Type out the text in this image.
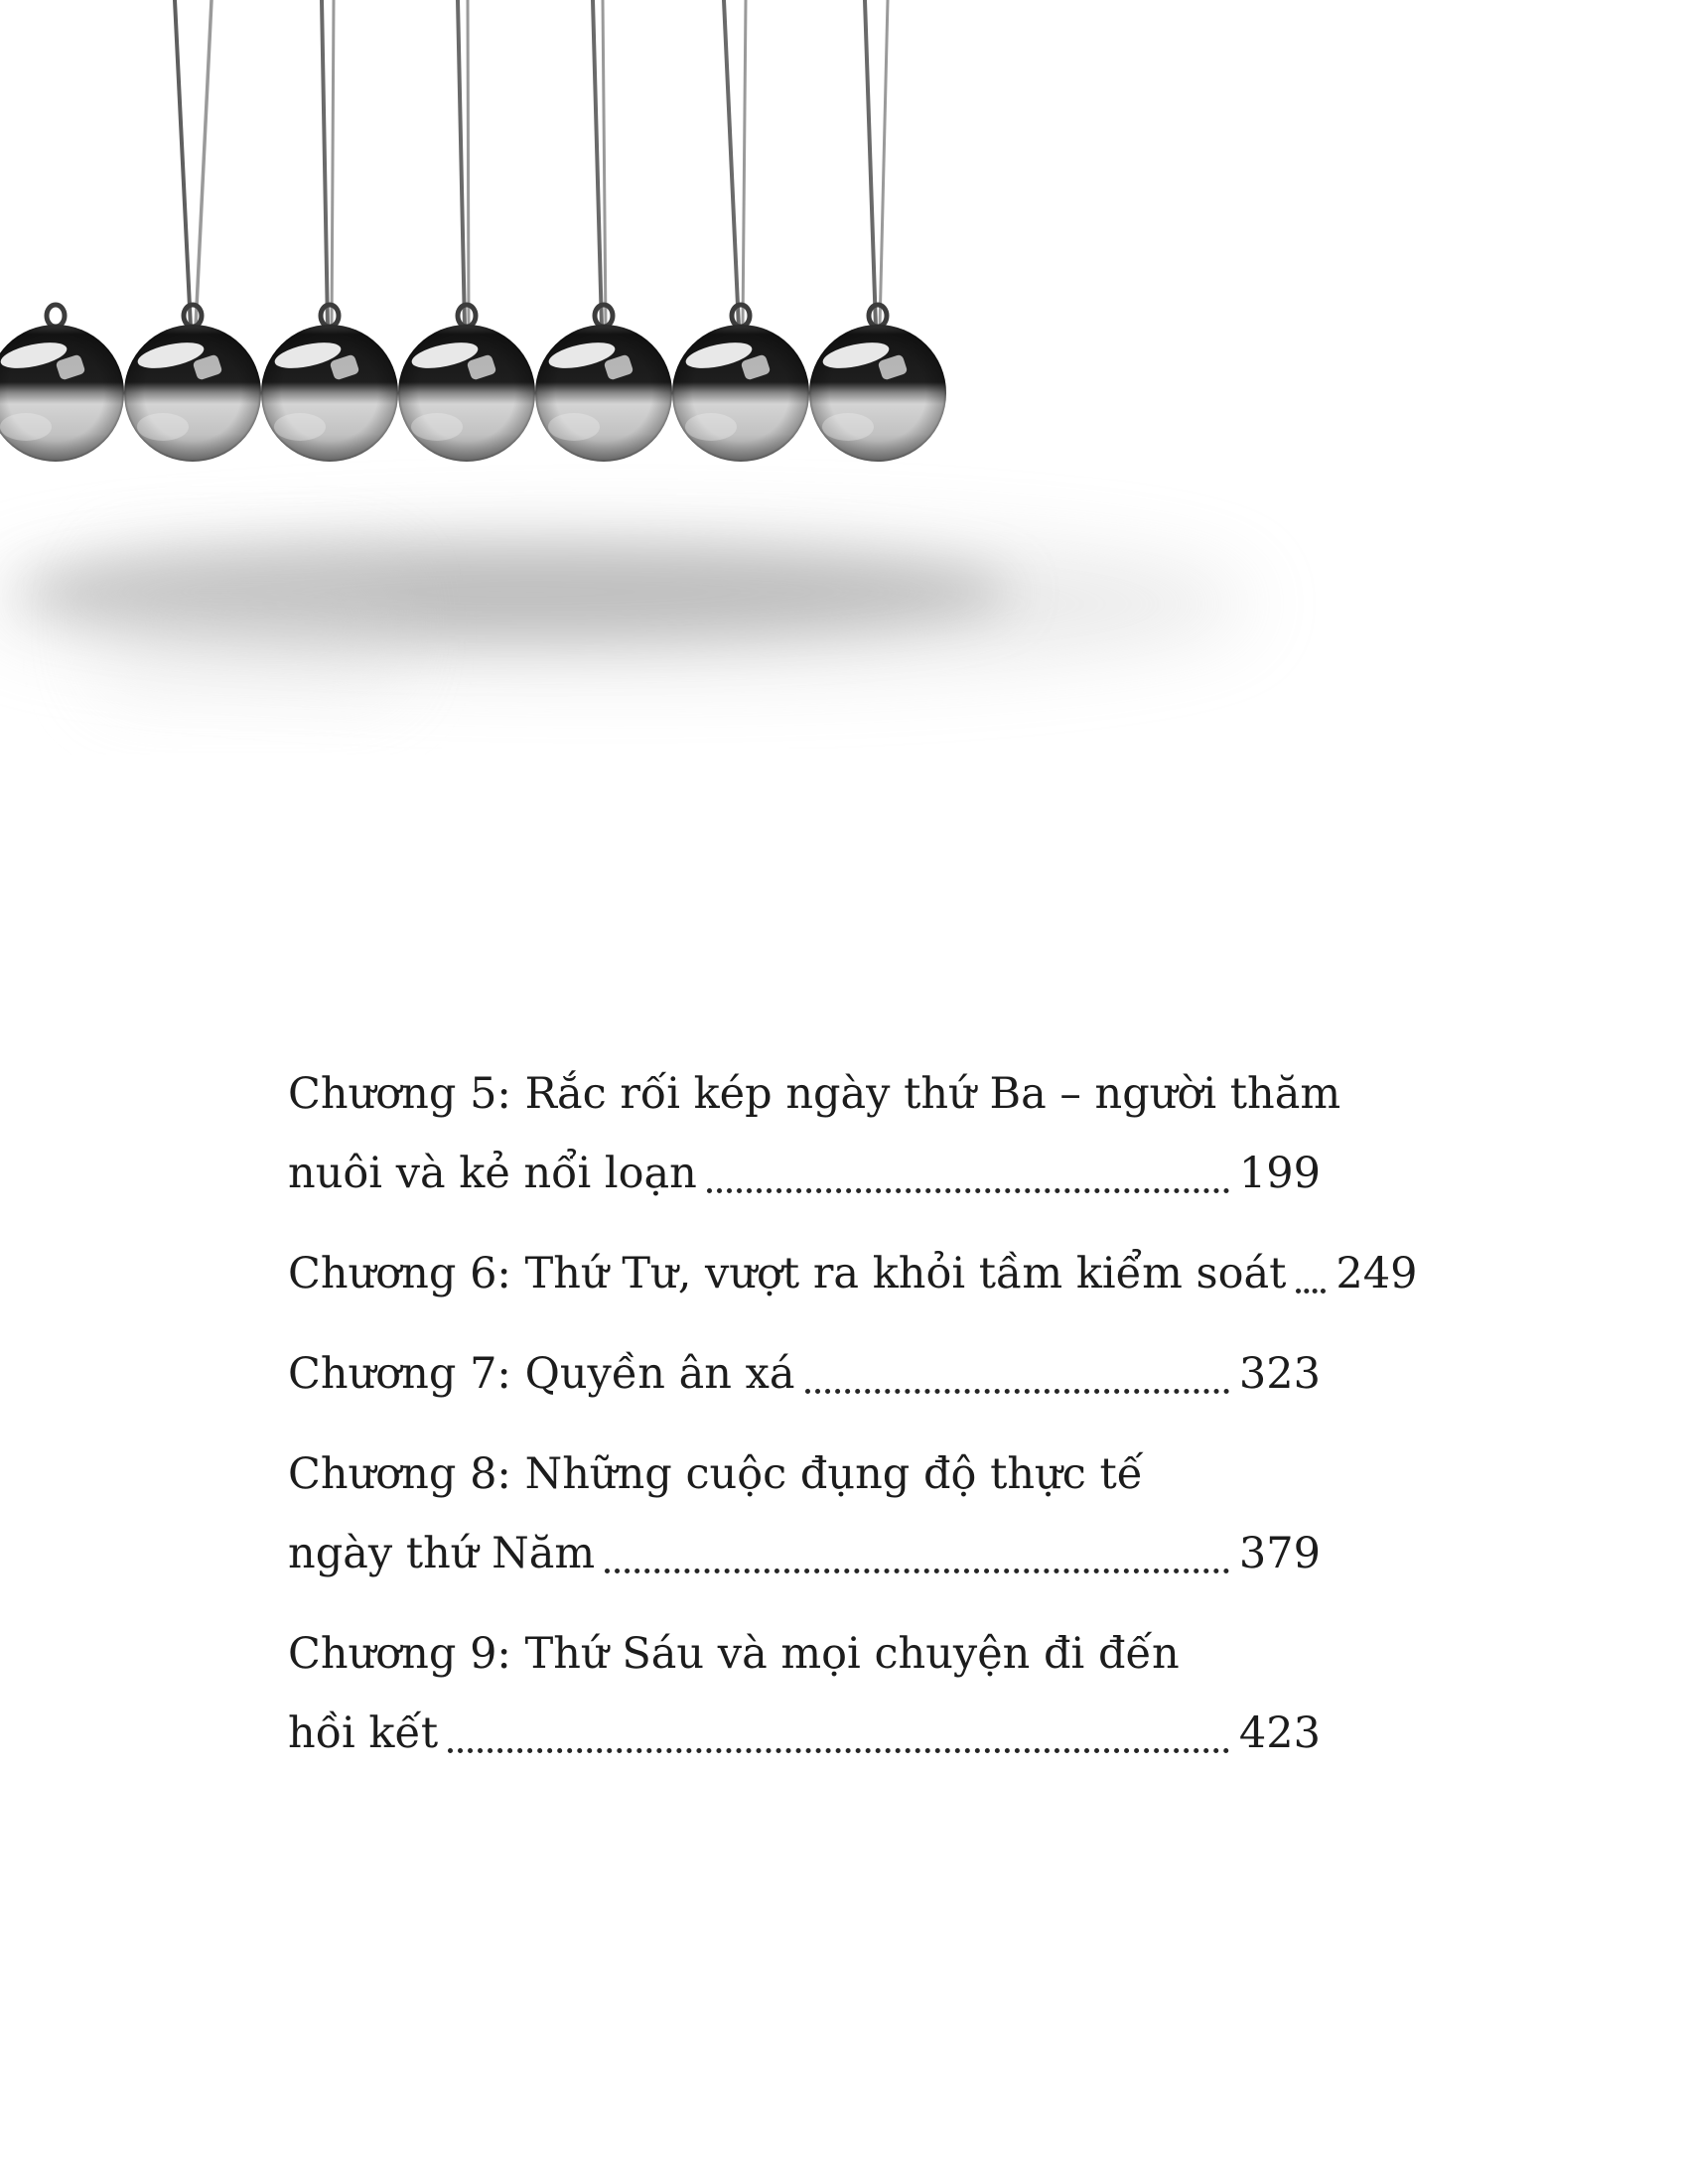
Chương 5: Rắc rối kép ngày thứ Ba – người thăm
nuôi và kẻ nổi loạn	199
Chương 6: Thứ Tư, vượt ra khỏi tầm kiểm soát 249
Chương 7: Quyền ân xá	323
Chương 8: Những cuộc đụng độ thực tế
ngày thứ Năm	379
Chương 9: Thứ Sáu và mọi chuyện đi đến
hồi kết	423
